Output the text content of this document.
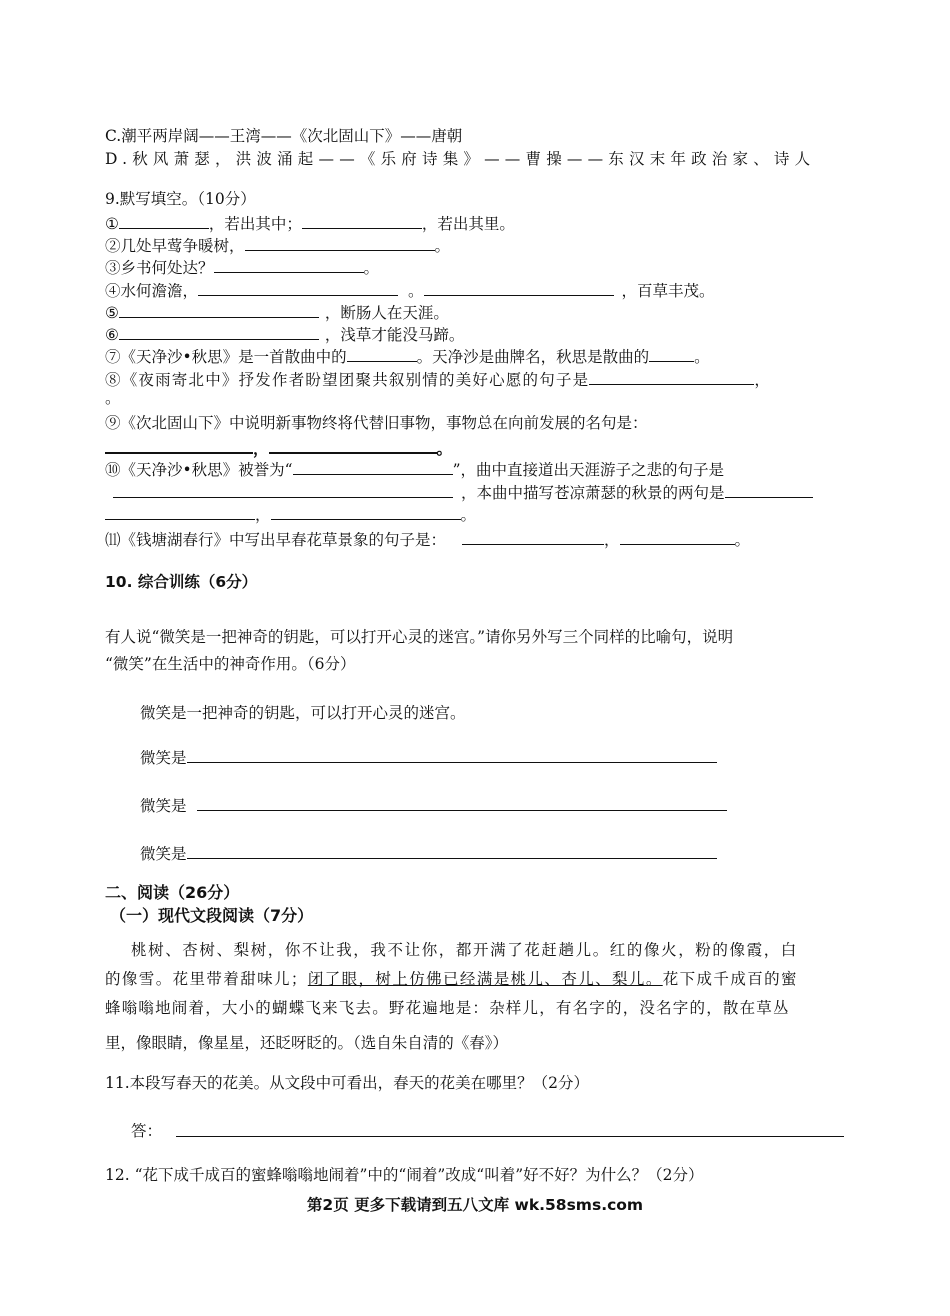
C.潮平两岸阔——王湾——《次北固山下》——唐朝
D.秋风萧瑟，洪波涌起——《乐府诗集》——曹操——东汉末年政治家、诗人
9.默写填空。（10分）
①	，若出其中；	，若出其里。
②几处早莺争暖树，	。
③乡书何处达？	。
④水何澹澹，	。	，百草丰茂。
⑤	，断肠人在天涯。
⑥	，浅草才能没马蹄。
⑦《天净沙•秋思》是一首散曲中的	。天净沙是曲牌名，秋思是散曲的	。
⑧《夜雨寄北中》抒发作者盼望团聚共叙别情的美好心愿的句子是	，
。
⑨《次北固山下》中说明新事物终将代替旧事物，事物总在向前发展的名句是：
，	。
⑩《天净沙•秋思》被誉为“	”，曲中直接道出天涯游子之悲的句子是
，本曲中描写苍凉萧瑟的秋景的两句是
，	。
⑾《钱塘湖春行》中写出早春花草景象的句子是：	，	。
10. 综合训练（6分）
有人说“微笑是一把神奇的钥匙，可以打开心灵的迷宫。”请你另外写三个同样的比喻句，说明
“微笑”在生活中的神奇作用。（6分）
微笑是一把神奇的钥匙，可以打开心灵的迷宫。
微笑是
微笑是
微笑是
二、阅读（26分）
（一）现代文段阅读（7分）
桃树、杏树、梨树，你不让我，我不让你，都开满了花赶趟儿。红的像火，粉的像霞，白
的像雪。花里带着甜味儿；闭了眼，树上仿佛已经满是桃儿、杏儿、梨儿。花下成千成百的蜜
蜂嗡嗡地闹着，大小的蝴蝶飞来飞去。野花遍地是：杂样儿，有名字的，没名字的，散在草丛
里，像眼睛，像星星，还眨呀眨的。（选自朱自清的《春》）
11.本段写春天的花美。从文段中可看出，春天的花美在哪里？（2分）
答：
12. “花下成千成百的蜜蜂嗡嗡地闹着”中的“闹着”改成“叫着”好不好？为什么？（2分）
第2页 更多下载请到五八文库 wk.58sms.com
